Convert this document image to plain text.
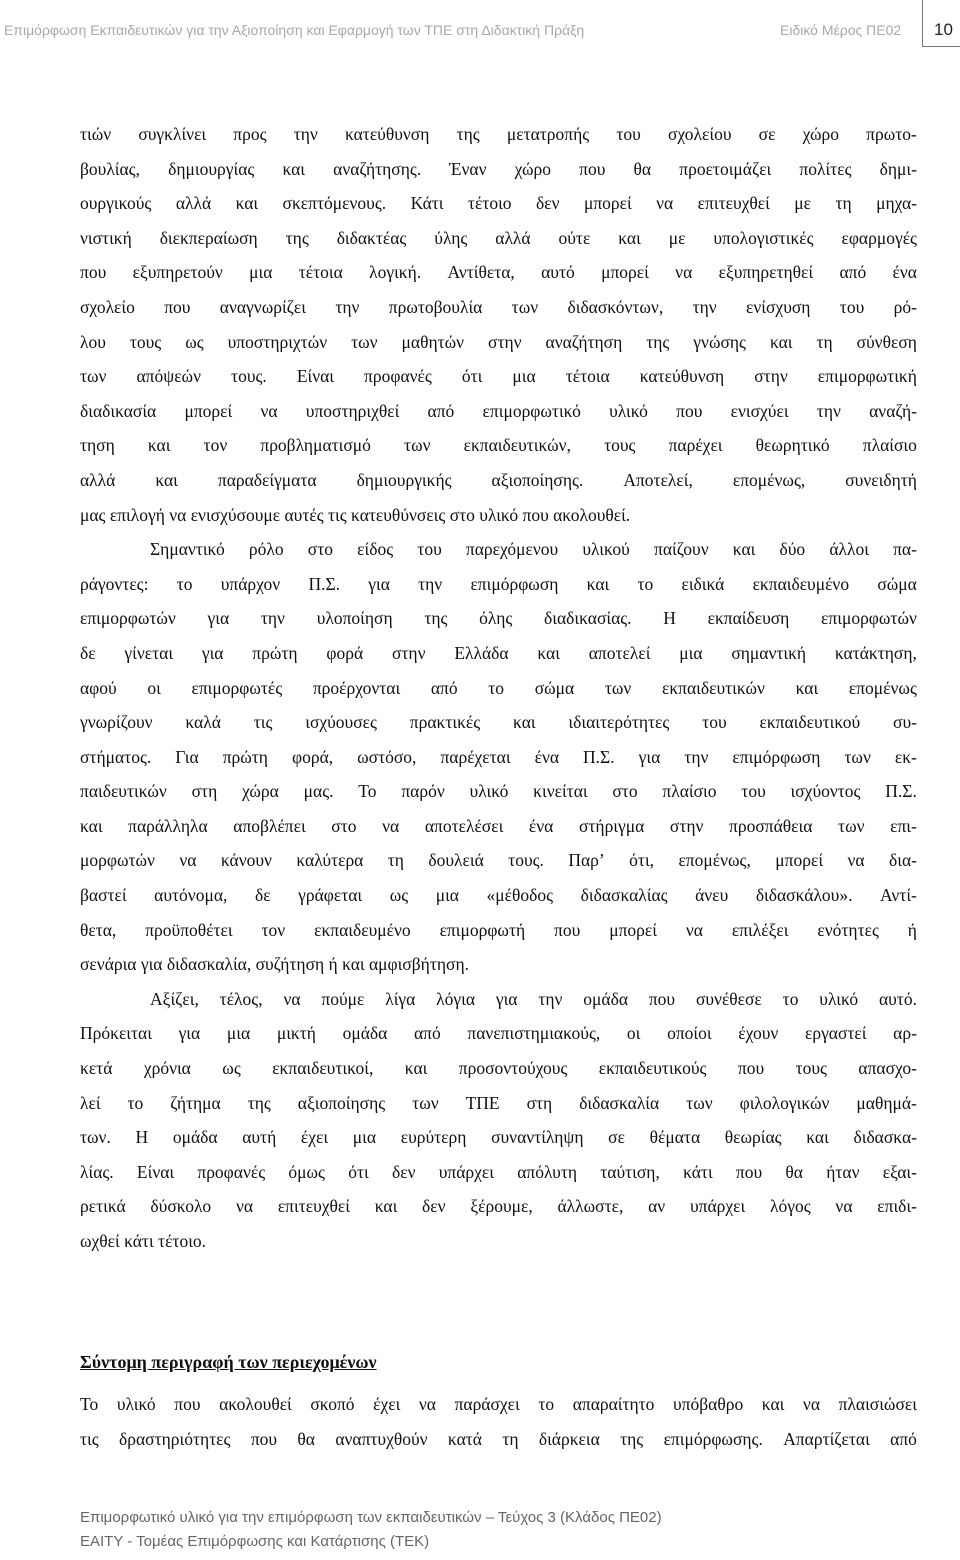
Επιμόρφωση Εκπαιδευτικών για την Αξιοποίηση και Εφαρμογή των ΤΠΕ στη Διδακτική Πράξη	Ειδικό Μέρος ΠΕ02 10
τιών συγκλίνει προς την κατεύθυνση της μετατροπής του σχολείου σε χώρο πρωτο-
βουλίας, δημιουργίας και αναζήτησης. Έναν χώρο που θα προετοιμάζει πολίτες δημι-
ουργικούς αλλά και σκεπτόμενους. Κάτι τέτοιο δεν μπορεί να επιτευχθεί με τη μηχα-
νιστική διεκπεραίωση της διδακτέας ύλης αλλά ούτε και με υπολογιστικές εφαρμογές
που εξυπηρετούν μια τέτοια λογική. Αντίθετα, αυτό μπορεί να εξυπηρετηθεί από ένα
σχολείο που αναγνωρίζει την πρωτοβουλία των διδασκόντων, την ενίσχυση του ρό-
λου τους ως υποστηριχτών των μαθητών στην αναζήτηση της γνώσης και τη σύνθεση
των απόψεών τους. Είναι προφανές ότι μια τέτοια κατεύθυνση στην επιμορφωτική
διαδικασία μπορεί να υποστηριχθεί από επιμορφωτικό υλικό που ενισχύει την αναζή-
τηση και τον προβληματισμό των εκπαιδευτικών, τους παρέχει θεωρητικό πλαίσιο
αλλά και παραδείγματα δημιουργικής αξιοποίησης. Αποτελεί, επομένως, συνειδητή
μας επιλογή να ενισχύσουμε αυτές τις κατευθύνσεις στο υλικό που ακολουθεί.
Σημαντικό ρόλο στο είδος του παρεχόμενου υλικού παίζουν και δύο άλλοι πα-
ράγοντες: το υπάρχον Π.Σ. για την επιμόρφωση και το ειδικά εκπαιδευμένο σώμα
επιμορφωτών για την υλοποίηση της όλης διαδικασίας. Η εκπαίδευση επιμορφωτών
δε γίνεται για πρώτη φορά στην Ελλάδα και αποτελεί μια σημαντική κατάκτηση,
αφού οι επιμορφωτές προέρχονται από το σώμα των εκπαιδευτικών και επομένως
γνωρίζουν καλά τις ισχύουσες πρακτικές και ιδιαιτερότητες του εκπαιδευτικού συ-
στήματος. Για πρώτη φορά, ωστόσο, παρέχεται ένα Π.Σ. για την επιμόρφωση των εκ-
παιδευτικών στη χώρα μας. Το παρόν υλικό κινείται στο πλαίσιο του ισχύοντος Π.Σ.
και παράλληλα αποβλέπει στο να αποτελέσει ένα στήριγμα στην προσπάθεια των επι-
μορφωτών να κάνουν καλύτερα τη δουλειά τους. Παρ’ ότι, επομένως, μπορεί να δια-
βαστεί αυτόνομα, δε γράφεται ως μια «μέθοδος διδασκαλίας άνευ διδασκάλου». Αντί-
θετα, προϋποθέτει τον εκπαιδευμένο επιμορφωτή που μπορεί να επιλέξει ενότητες ή
σενάρια για διδασκαλία, συζήτηση ή και αμφισβήτηση.
Αξίζει, τέλος, να πούμε λίγα λόγια για την ομάδα που συνέθεσε το υλικό αυτό.
Πρόκειται για μια μικτή ομάδα από πανεπιστημιακούς, οι οποίοι έχουν εργαστεί αρ-
κετά χρόνια ως εκπαιδευτικοί, και προσοντούχους εκπαιδευτικούς που τους απασχο-
λεί το ζήτημα της αξιοποίησης των ΤΠΕ στη διδασκαλία των φιλολογικών μαθημά-
των. Η ομάδα αυτή έχει μια ευρύτερη συναντίληψη σε θέματα θεωρίας και διδασκα-
λίας. Είναι προφανές όμως ότι δεν υπάρχει απόλυτη ταύτιση, κάτι που θα ήταν εξαι-
ρετικά δύσκολο να επιτευχθεί και δεν ξέρουμε, άλλωστε, αν υπάρχει λόγος να επιδι-
ωχθεί κάτι τέτοιο.
Σύντομη περιγραφή των περιεχομένων
Το υλικό που ακολουθεί σκοπό έχει να παράσχει το απαραίτητο υπόβαθρο και να πλαισιώσει
τις δραστηριότητες που θα αναπτυχθούν κατά τη διάρκεια της επιμόρφωσης. Απαρτίζεται από
Επιμορφωτικό υλικό για την επιμόρφωση των εκπαιδευτικών – Τεύχος 3 (Κλάδος ΠΕ02)
ΕΑΙΤΥ - Τομέας Επιμόρφωσης και Κατάρτισης (ΤΕΚ)
